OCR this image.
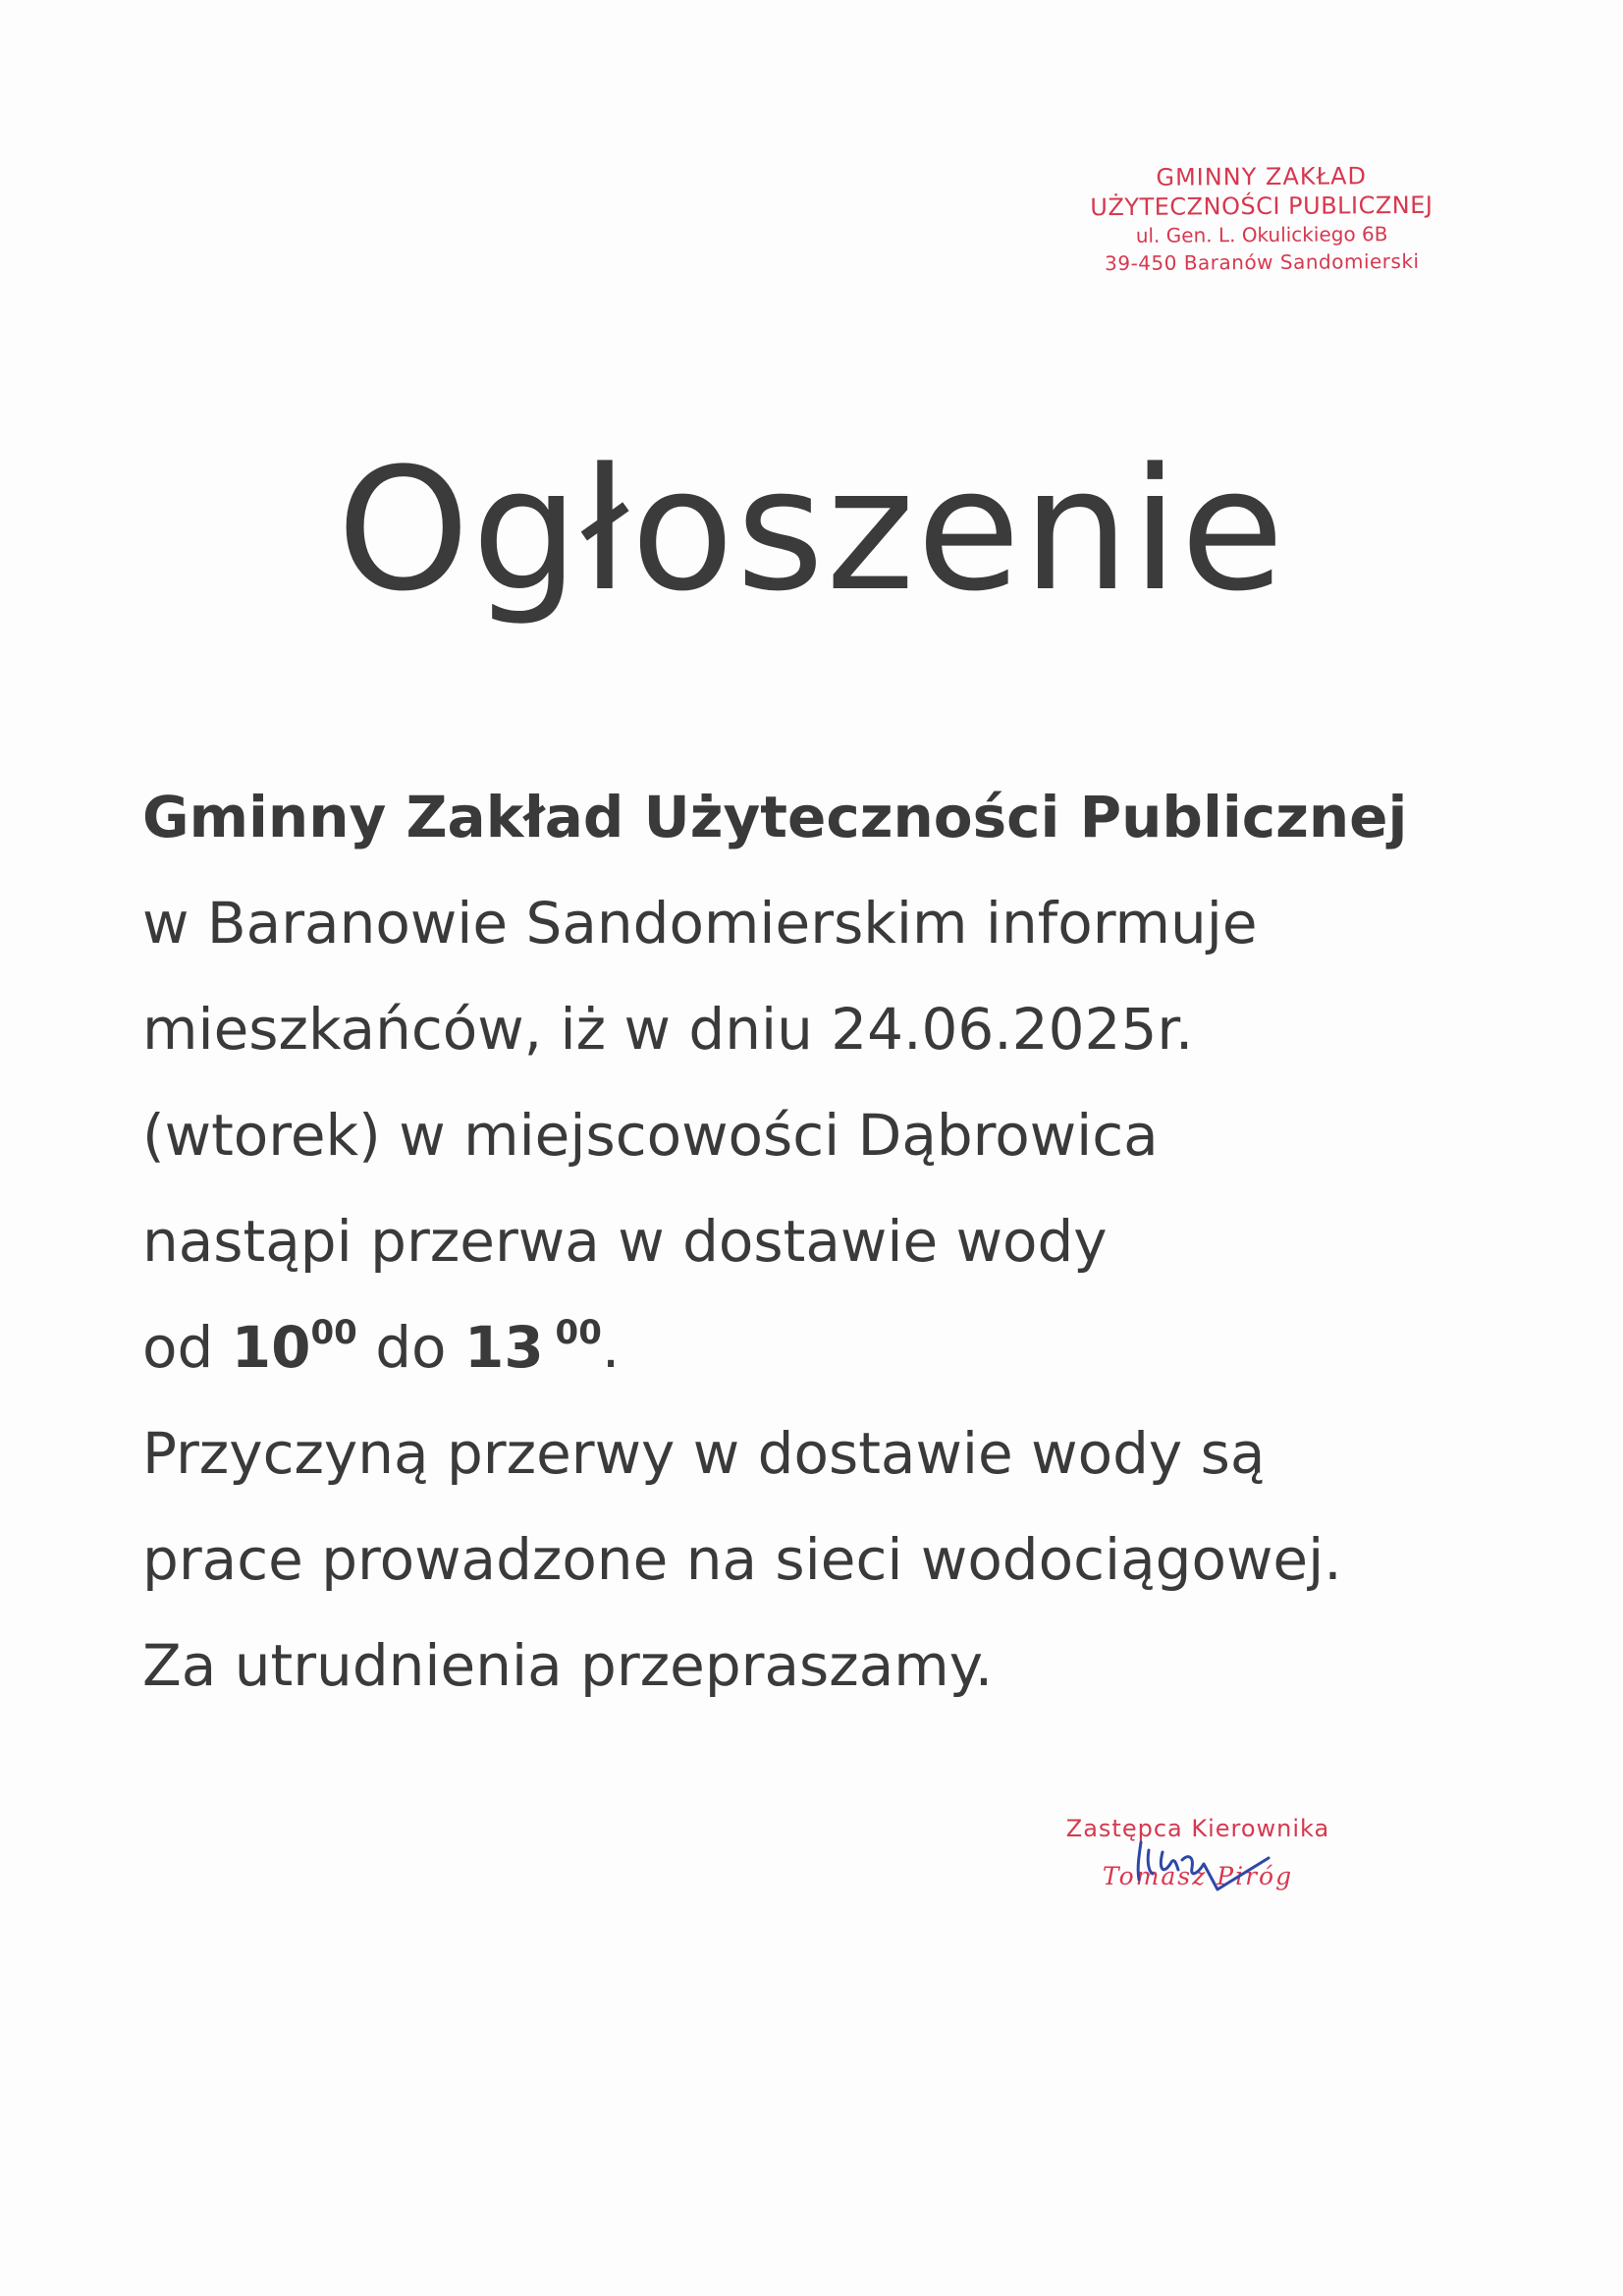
GMINNY ZAKŁAD
UŻYTECZNOŚCI PUBLICZNEJ
ul. Gen. L. Okulickiego 6B
39-450 Baranów Sandomierski
Ogłoszenie
Gminny Zakład Użyteczności Publicznej
w Baranowie Sandomierskim informuje
mieszkańców, iż w dniu 24.06.2025r.
(wtorek) w miejscowości Dąbrowica
nastąpi przerwa w dostawie wody
od $10^{00}$ do 13 $^{00}$.
Przyczyną przerwy w dostawie wody są
prace prowadzone na sieci wodociągowej.
Za utrudnienia przepraszamy.
Zastępca Kierownika
Tomasz Piróg
